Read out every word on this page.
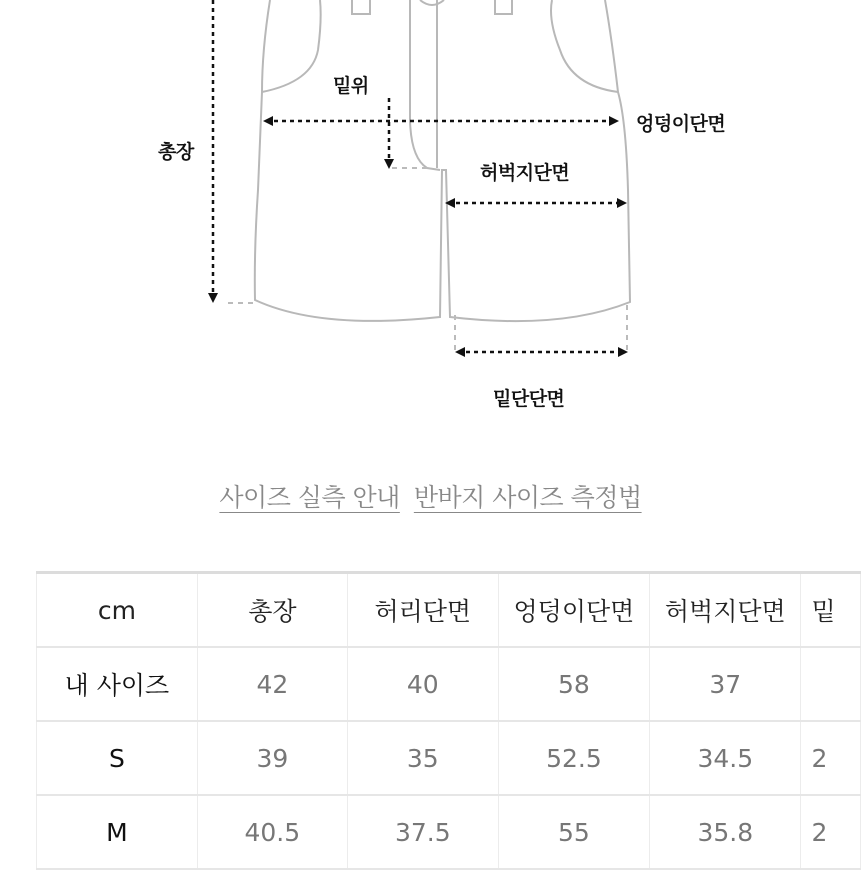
밑위
엉덩이단면
총장
허벅지단면
밑단단면
사이즈 실측 안내 반바지 사이즈 측정법
cm	총장	허리단면	엉덩이단면	허벅지단면	밑
내 사이즈	42	40	58	37	
S	39	35	52.5	34.5	2
M	40.5	37.5	55	35.8	2
